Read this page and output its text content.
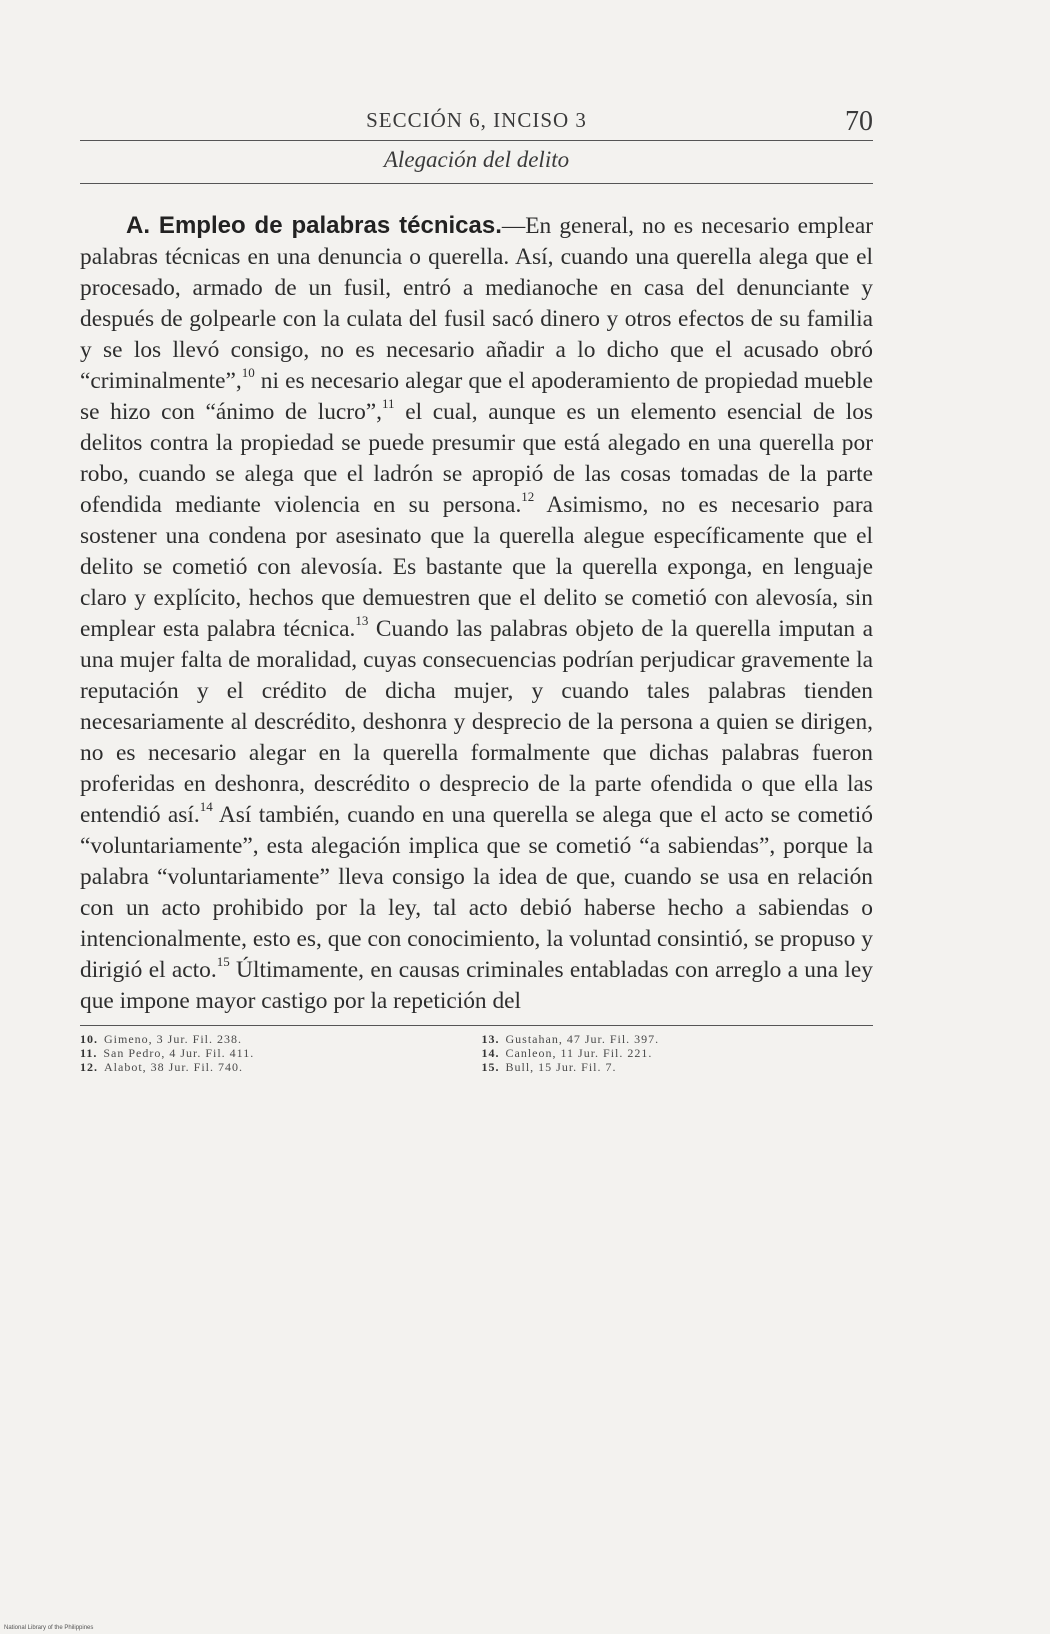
SECCIÓN 6, INCISO 3	70
Alegación del delito
A. Empleo de palabras técnicas.—En general, no es necesario emplear palabras técnicas en una denuncia o querella. Así, cuando una querella alega que el procesado, armado de un fusil, entró a medianoche en casa del denunciante y después de golpearle con la culata del fusil sacó dinero y otros efectos de su familia y se los llevó consigo, no es necesario añadir a lo dicho que el acusado obró “criminalmente”,$^{10}$ ni es necesario alegar que el apoderamiento de propiedad mueble se hizo con “ánimo de lucro”,$^{11}$ el cual, aunque es un elemento esencial de los delitos contra la propiedad se puede presumir que está alegado en una querella por robo, cuando se alega que el ladrón se apropió de las cosas tomadas de la parte ofendida mediante violencia en su persona.$^{12}$ Asimismo, no es necesario para sostener una condena por asesinato que la querella alegue específicamente que el delito se cometió con alevosía. Es bastante que la querella exponga, en lenguaje claro y explícito, hechos que demuestren que el delito se cometió con alevosía, sin emplear esta palabra técnica.$^{13}$ Cuando las palabras objeto de la querella imputan a una mujer falta de moralidad, cuyas consecuencias podrían perjudicar gravemente la reputación y el crédito de dicha mujer, y cuando tales palabras tienden necesariamente al descrédito, deshonra y desprecio de la persona a quien se dirigen, no es necesario alegar en la querella formalmente que dichas palabras fueron proferidas en deshonra, descrédito o desprecio de la parte ofendida o que ella las entendió así.$^{14}$ Así también, cuando en una querella se alega que el acto se cometió “voluntariamente”, esta alegación implica que se cometió “a sabiendas”, porque la palabra “voluntariamente” lleva consigo la idea de que, cuando se usa en relación con un acto prohibido por la ley, tal acto debió haberse hecho a sabiendas o intencionalmente, esto es, que con conocimiento, la voluntad consintió, se propuso y dirigió el acto.$^{15}$ Últimamente, en causas criminales entabladas con arreglo a una ley que impone mayor castigo por la repetición del
10. Gimeno, 3 Jur. Fil. 238.
11. San Pedro, 4 Jur. Fil. 411.
12. Alabot, 38 Jur. Fil. 740.
13. Gustahan, 47 Jur. Fil. 397.
14. Canleon, 11 Jur. Fil. 221.
15. Bull, 15 Jur. Fil. 7.
National Library of the Philippines
